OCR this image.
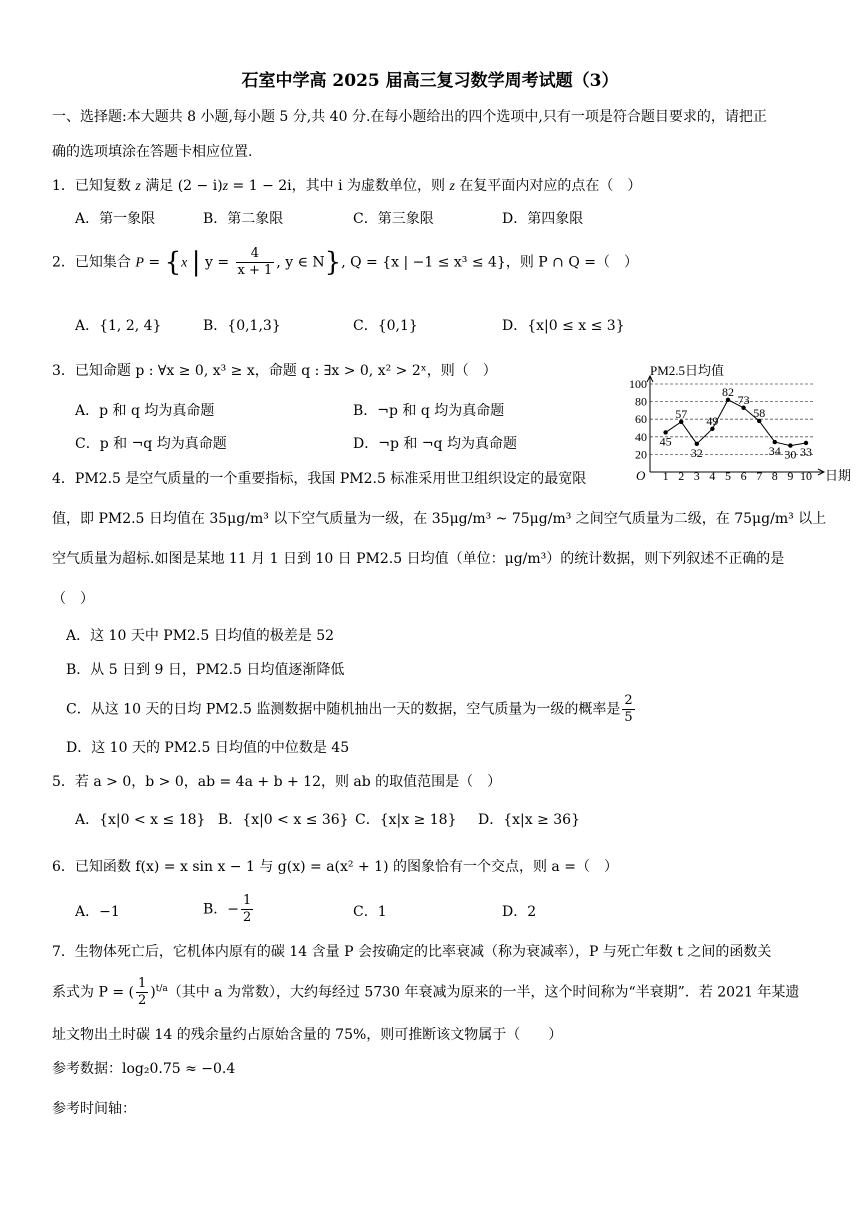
石室中学高 2025 届高三复习数学周考试题（3）
一、选择题:本大题共 8 小题,每小题 5 分,共 40 分.在每小题给出的四个选项中,只有一项是符合题目要求的，请把正
确的选项填涂在答题卡相应位置.
1．已知复数 z 满足 (2 − i)z = 1 − 2i，其中 i 为虚数单位，则 z 在复平面内对应的点在（　）
A．第一象限	B．第二象限	C．第三象限	D．第四象限
2．已知集合 P = {x | $y = \frac{4}{x + 1}$ , y ∈ N}, Q = {x | −1 ≤ x³ ≤ 4}，则 P ∩ Q =（　）
A．{1, 2, 4}	B．{0,1,3}	C．{0,1}	D．{x|0 ≤ x ≤ 3}
3．已知命题 p : ∀x ≥ 0, x³ ≥ x，命题 q : ∃x > 0, x² > 2ˣ，则（　）
A．p 和 q 均为真命题	B．¬p 和 q 均为真命题
C．p 和 ¬q 均为真命题	D．¬p 和 ¬q 均为真命题
PM2.5日均值
45
57
32
49
82
73
58
34 30 33
20
40
60
80
100
1 2 3 4 5 6 7 8 9 10
O	日期
4．PM2.5 是空气质量的一个重要指标，我国 PM2.5 标准采用世卫组织设定的最宽限
值，即 PM2.5 日均值在 35μg/m³ 以下空气质量为一级，在 35μg/m³ ~ 75μg/m³ 之间空气质量为二级，在 75μg/m³ 以上
空气质量为超标.如图是某地 11 月 1 日到 10 日 PM2.5 日均值（单位：μg/m³）的统计数据，则下列叙述不正确的是
（　）
A．这 10 天中 PM2.5 日均值的极差是 52
B．从 5 日到 9 日，PM2.5 日均值逐渐降低
C．从这 10 天的日均 PM2.5 监测数据中随机抽出一天的数据，空气质量为一级的概率是 $\frac{2}{5}$
D．这 10 天的 PM2.5 日均值的中位数是 45
5．若 a > 0，b > 0，ab = 4a + b + 12，则 ab 的取值范围是（　）
A．{x|0 < x ≤ 18} B．{x|0 < x ≤ 36} C．{x|x ≥ 18} D．{x|x ≥ 36}
6．已知函数 f(x) = x sin x − 1 与 g(x) = a(x² + 1) 的图象恰有一个交点，则 a =（　）
A．−1	B．− $\frac{1}{2}$	C．1	D．2
7．生物体死亡后，它机体内原有的碳 14 含量 P 会按确定的比率衰减（称为衰减率），P 与死亡年数 t 之间的函数关
系式为 P = ( $\frac{1}{2} )^{t/a}$（其中 a 为常数），大约每经过 5730 年衰减为原来的一半，这个时间称为“半衰期”．若 2021 年某遗
址文物出土时碳 14 的残余量约占原始含量的 75%，则可推断该文物属于（　　）
参考数据：log₂0.75 ≈ −0.4
参考时间轴：
